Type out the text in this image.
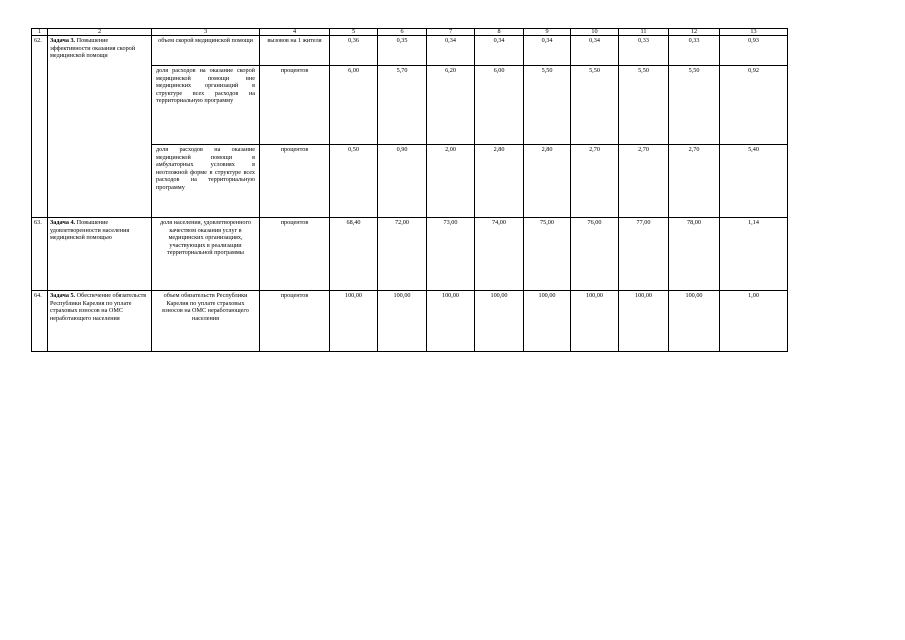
1	2	3	4	5	6	7	8	9	10	11	12	13
62.	Задача 3. Повышение эффективности оказания скорой медицинской помощи	объем скорой медицинской помощи	вызовов на 1 жителя	0,36	0,35	0,34	0,34	0,34	0,34	0,33	0,33	0,93
		доля расходов на оказание скорой медицинской помощи вне медицинских организаций в структуре всех расходов на территориальную программу	процентов	6,00	5,70	6,20	6,00	5,50	5,50	5,50	5,50	0,92
		доля расходов на оказание медицинской помощи в амбулаторных условиях в неотложной форме в структуре всех расходов на территориальную программу	процентов	0,50	0,90	2,00	2,80	2,80	2,70	2,70	2,70	5,40
63.	Задача 4. Повышение удовлетворенности населения медицинской помощью	доля населения, удовлетворенного качеством оказания услуг в медицинских организациях, участвующих в реализации территориальной программы	процентов	68,40	72,00	73,00	74,00	75,00	76,00	77,00	78,00	1,14
64.	Задача 5. Обеспечение обязательств Республики Карелия по уплате страховых взносов на ОМС неработающего населения	объем обязательств Республики Карелия по уплате страховых взносов на ОМС неработающего населения	процентов	100,00	100,00	100,00	100,00	100,00	100,00	100,00	100,00	1,00
